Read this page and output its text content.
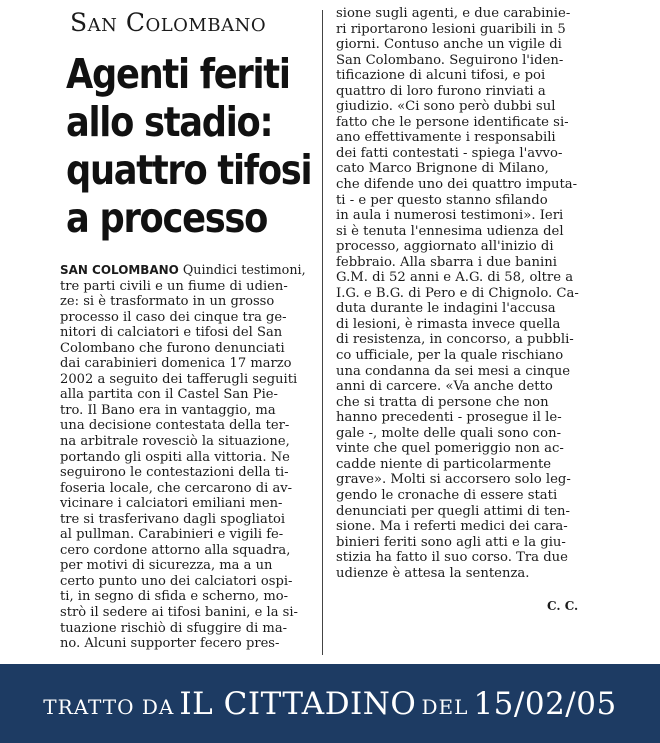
San Colombano
Agenti feriti
allo stadio:
quattro tifosi
a processo
SAN COLOMBANO Quindici testimoni,
tre parti civili e un fiume di udien-
ze: si è trasformato in un grosso
processo il caso dei cinque tra ge-
nitori di calciatori e tifosi del San
Colombano che furono denunciati
dai carabinieri domenica 17 marzo
2002 a seguito dei tafferugli seguiti
alla partita con il Castel San Pie-
tro. Il Bano era in vantaggio, ma
una decisione contestata della ter-
na arbitrale rovesciò la situazione,
portando gli ospiti alla vittoria. Ne
seguirono le contestazioni della ti-
foseria locale, che cercarono di av-
vicinare i calciatori emiliani men-
tre si trasferivano dagli spogliatoi
al pullman. Carabinieri e vigili fe-
cero cordone attorno alla squadra,
per motivi di sicurezza, ma a un
certo punto uno dei calciatori ospi-
ti, in segno di sfida e scherno, mo-
strò il sedere ai tifosi banini, e la si-
tuazione rischiò di sfuggire di ma-
no. Alcuni supporter fecero pres-
sione sugli agenti, e due carabinie-
ri riportarono lesioni guaribili in 5
giorni. Contuso anche un vigile di
San Colombano. Seguirono l'iden-
tificazione di alcuni tifosi, e poi
quattro di loro furono rinviati a
giudizio. «Ci sono però dubbi sul
fatto che le persone identificate si-
ano effettivamente i responsabili
dei fatti contestati - spiega l'avvo-
cato Marco Brignone di Milano,
che difende uno dei quattro imputa-
ti - e per questo stanno sfilando
in aula i numerosi testimoni». Ieri
si è tenuta l'ennesima udienza del
processo, aggiornato all'inizio di
febbraio. Alla sbarra i due banini
G.M. di 52 anni e A.G. di 58, oltre a
I.G. e B.G. di Pero e di Chignolo. Ca-
duta durante le indagini l'accusa
di lesioni, è rimasta invece quella
di resistenza, in concorso, a pubbli-
co ufficiale, per la quale rischiano
una condanna da sei mesi a cinque
anni di carcere. «Va anche detto
che si tratta di persone che non
hanno precedenti - prosegue il le-
gale -, molte delle quali sono con-
vinte che quel pomeriggio non ac-
cadde niente di particolarmente
grave». Molti si accorsero solo leg-
gendo le cronache di essere stati
denunciati per quegli attimi di ten-
sione. Ma i referti medici dei cara-
binieri feriti sono agli atti e la giu-
stizia ha fatto il suo corso. Tra due
udienze è attesa la sentenza.
C. C.
TRATTO DA IL CITTADINO DEL 15/02/05
